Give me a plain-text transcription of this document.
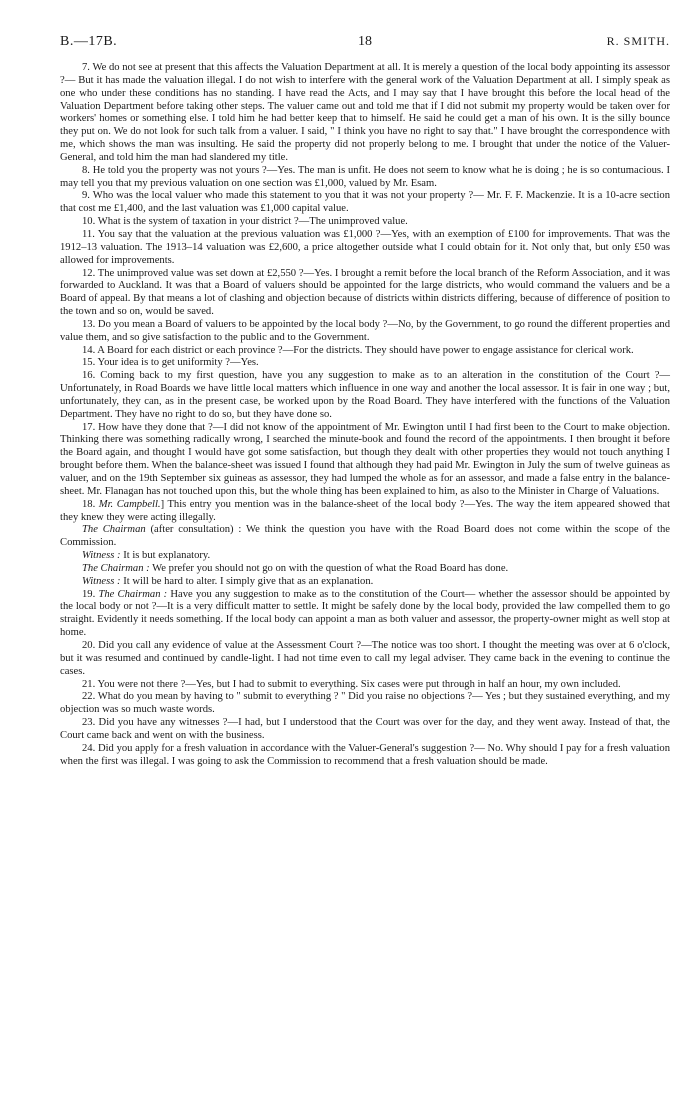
B.—17B.	18	R. SMITH.

7. We do not see at present that this affects the Valuation Department at all. It is merely a question of the local body appointing its assessor ?— But it has made the valuation illegal. I do not wish to interfere with the general work of the Valuation Department at all. I simply speak as one who under these conditions has no standing. I have read the Acts, and I may say that I have brought this before the local head of the Valuation Department before taking other steps. The valuer came out and told me that if I did not submit my property would be taken over for workers' homes or something else. I told him he had better keep that to himself. He said he could get a man of his own. It is the silly bounce they put on. We do not look for such talk from a valuer. I said, " I think you have no right to say that." I have brought the correspondence with me, which shows the man was insulting. He said the property did not properly belong to me. I brought that under the notice of the Valuer-General, and told him the man had slandered my title.

8. He told you the property was not yours ?—Yes. The man is unfit. He does not seem to know what he is doing ; he is so contumacious. I may tell you that my previous valuation on one section was £1,000, valued by Mr. Esam.

9. Who was the local valuer who made this statement to you that it was not your property ?— Mr. F. F. Mackenzie. It is a 10-acre section that cost me £1,400, and the last valuation was £1,000 capital value.

10. What is the system of taxation in your district ?—The unimproved value.

11. You say that the valuation at the previous valuation was £1,000 ?—Yes, with an exemption of £100 for improvements. That was the 1912–13 valuation. The 1913–14 valuation was £2,600, a price altogether outside what I could obtain for it. Not only that, but only £50 was allowed for improvements.

12. The unimproved value was set down at £2,550 ?—Yes. I brought a remit before the local branch of the Reform Association, and it was forwarded to Auckland. It was that a Board of valuers should be appointed for the large districts, who would command the valuers and be a Board of appeal. By that means a lot of clashing and objection because of districts within districts differing, because of difference of position to the town and so on, would be saved.

13. Do you mean a Board of valuers to be appointed by the local body ?—No, by the Government, to go round the different properties and value them, and so give satisfaction to the public and to the Government.

14. A Board for each district or each province ?—For the districts. They should have power to engage assistance for clerical work.

15. Your idea is to get uniformity ?—Yes.

16. Coming back to my first question, have you any suggestion to make as to an alteration in the constitution of the Court ?—Unfortunately, in Road Boards we have little local matters which influence in one way and another the local assessor. It is fair in one way ; but, unfortunately, they can, as in the present case, be worked upon by the Road Board. They have interfered with the functions of the Valuation Department. They have no right to do so, but they have done so.

17. How have they done that ?—I did not know of the appointment of Mr. Ewington until I had first been to the Court to make objection. Thinking there was something radically wrong, I searched the minute-book and found the record of the appointments. I then brought it before the Board again, and thought I would have got some satisfaction, but though they dealt with other properties they would not touch anything I brought before them. When the balance-sheet was issued I found that although they had paid Mr. Ewington in July the sum of twelve guineas as valuer, and on the 19th September six guineas as assessor, they had lumped the whole as for an assessor, and made a false entry in the balance-sheet. Mr. Flanagan has not touched upon this, but the whole thing has been explained to him, as also to the Minister in Charge of Valuations.

18. Mr. Campbell.] This entry you mention was in the balance-sheet of the local body ?—Yes. The way the item appeared showed that they knew they were acting illegally.

The Chairman (after consultation) : We think the question you have with the Road Board does not come within the scope of the Commission.

Witness : It is but explanatory.

The Chairman : We prefer you should not go on with the question of what the Road Board has done.

Witness : It will be hard to alter. I simply give that as an explanation.

19. The Chairman : Have you any suggestion to make as to the constitution of the Court— whether the assessor should be appointed by the local body or not ?—It is a very difficult matter to settle. It might be safely done by the local body, provided the law compelled them to go straight. Evidently it needs something. If the local body can appoint a man as both valuer and assessor, the property-owner might as well stop at home.

20. Did you call any evidence of value at the Assessment Court ?—The notice was too short. I thought the meeting was over at 6 o'clock, but it was resumed and continued by candle-light. I had not time even to call my legal adviser. They came back in the evening to continue the cases.

21. You were not there ?—Yes, but I had to submit to everything. Six cases were put through in half an hour, my own included.

22. What do you mean by having to " submit to everything ? " Did you raise no objections ?— Yes ; but they sustained everything, and my objection was so much waste words.

23. Did you have any witnesses ?—I had, but I understood that the Court was over for the day, and they went away. Instead of that, the Court came back and went on with the business.

24. Did you apply for a fresh valuation in accordance with the Valuer-General's suggestion ?— No. Why should I pay for a fresh valuation when the first was illegal. I was going to ask the Commission to recommend that a fresh valuation should be made.
